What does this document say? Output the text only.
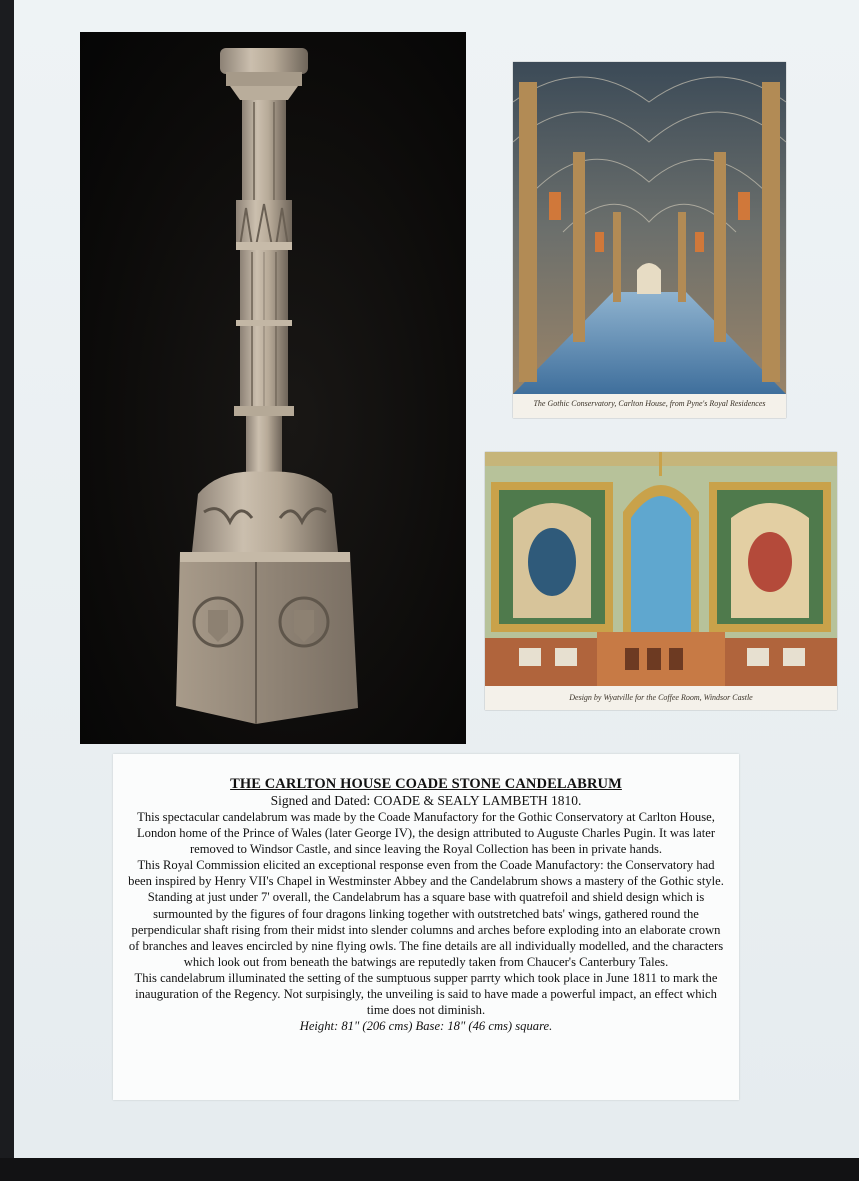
The Gothic Conservatory, Carlton House, from Pyne's Royal Residences
Design by Wyatville for the Coffee Room, Windsor Castle
THE CARLTON HOUSE COADE STONE CANDELABRUM
Signed and Dated: COADE & SEALY LAMBETH 1810.
This spectacular candelabrum was made by the Coade Manufactory for the Gothic Conservatory at Carlton House, London home of the Prince of Wales (later George IV), the design attributed to Auguste Charles Pugin. It was later removed to Windsor Castle, and since leaving the Royal Collection has been in private hands.
This Royal Commission elicited an exceptional response even from the Coade Manufactory: the Conservatory had been inspired by Henry VII's Chapel in Westminster Abbey and the Candelabrum shows a mastery of the Gothic style. Standing at just under 7' overall, the Candelabrum has a square base with quatrefoil and shield design which is surmounted by the figures of four dragons linking together with outstretched bats' wings, gathered round the perpendicular shaft rising from their midst into slender columns and arches before exploding into an elaborate crown of branches and leaves encircled by nine flying owls. The fine details are all individually modelled, and the characters which look out from beneath the batwings are reputedly taken from Chaucer's Canterbury Tales.
This candelabrum illuminated the setting of the sumptuous supper parrty which took place in June 1811 to mark the inauguration of the Regency. Not surpisingly, the unveiling is said to have made a powerful impact, an effect which time does not diminish.
Height: 81" (206 cms) Base: 18" (46 cms) square.
